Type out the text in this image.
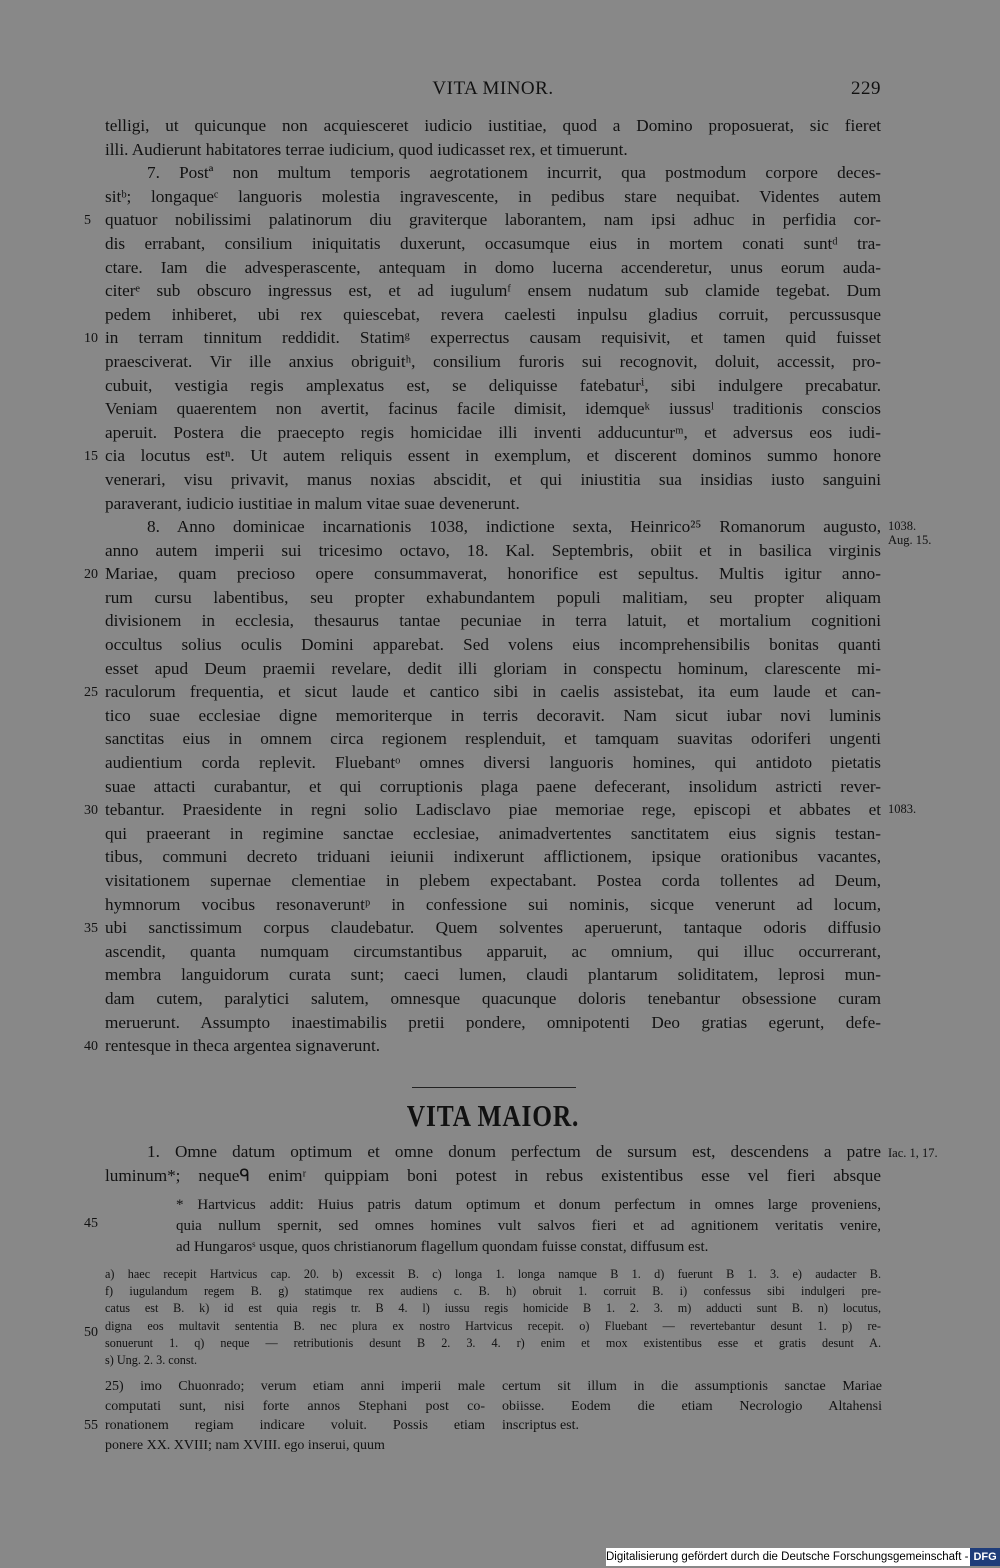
VITA MINOR.	229
telligi, ut quicunque non acquiesceret iudicio iustitiae, quod a Domino proposuerat, sic fieret
illi. Audierunt habitatores terrae iudicium, quod iudicasset rex, et timuerunt.
7. Postª non multum temporis aegrotationem incurrit, qua postmodum corpore deces-
sitᵇ; longaqueᶜ languoris molestia ingravescente, in pedibus stare nequibat. Videntes autem
quatuor nobilissimi palatinorum diu graviterque laborantem, nam ipsi adhuc in perfidia cor-
dis errabant, consilium iniquitatis duxerunt, occasumque eius in mortem conati suntᵈ tra-
ctare. Iam die advesperascente, antequam in domo lucerna accenderetur, unus eorum auda-
citerᵉ sub obscuro ingressus est, et ad iugulumᶠ ensem nudatum sub clamide tegebat. Dum
pedem inhiberet, ubi rex quiescebat, revera caelesti inpulsu gladius corruit, percussusque
in terram tinnitum reddidit. Statimᵍ experrectus causam requisivit, et tamen quid fuisset
praesciverat. Vir ille anxius obriguitʰ, consilium furoris sui recognovit, doluit, accessit, pro-
cubuit, vestigia regis amplexatus est, se deliquisse fatebaturⁱ, sibi indulgere precabatur.
Veniam quaerentem non avertit, facinus facile dimisit, idemqueᵏ iussusˡ traditionis conscios
aperuit. Postera die praecepto regis homicidae illi inventi adducunturᵐ, et adversus eos iudi-
cia locutus estⁿ. Ut autem reliquis essent in exemplum, et discerent dominos summo honore
venerari, visu privavit, manus noxias abscidit, et qui iniustitia sua insidias iusto sanguini
paraverant, iudicio iustitiae in malum vitae suae devenerunt.
8. Anno dominicae incarnationis 1038, indictione sexta, Heinrico²⁵ Romanorum augusto,
anno autem imperii sui tricesimo octavo, 18. Kal. Septembris, obiit et in basilica virginis
Mariae, quam precioso opere consummaverat, honorifice est sepultus. Multis igitur anno-
rum cursu labentibus, seu propter exhabundantem populi malitiam, seu propter aliquam
divisionem in ecclesia, thesaurus tantae pecuniae in terra latuit, et mortalium cognitioni
occultus solius oculis Domini apparebat. Sed volens eius incomprehensibilis bonitas quanti
esset apud Deum praemii revelare, dedit illi gloriam in conspectu hominum, clarescente mi-
raculorum frequentia, et sicut laude et cantico sibi in caelis assistebat, ita eum laude et can-
tico suae ecclesiae digne memoriterque in terris decoravit. Nam sicut iubar novi luminis
sanctitas eius in omnem circa regionem resplenduit, et tamquam suavitas odoriferi ungenti
audientium corda replevit. Fluebantᵒ omnes diversi languoris homines, qui antidoto pietatis
suae attacti curabantur, et qui corruptionis plaga paene defecerant, insolidum astricti rever-
tebantur. Praesidente in regni solio Ladisclavo piae memoriae rege, episcopi et abbates et
qui praeerant in regimine sanctae ecclesiae, animadvertentes sanctitatem eius signis testan-
tibus, communi decreto triduani ieiunii indixerunt afflictionem, ipsique orationibus vacantes,
visitationem supernae clementiae in plebem expectabant. Postea corda tollentes ad Deum,
hymnorum vocibus resonaveruntᵖ in confessione sui nominis, sicque venerunt ad locum,
ubi sanctissimum corpus claudebatur. Quem solventes aperuerunt, tantaque odoris diffusio
ascendit, quanta numquam circumstantibus apparuit, ac omnium, qui illuc occurrerant,
membra languidorum curata sunt; caeci lumen, claudi plantarum soliditatem, leprosi mun-
dam cutem, paralytici salutem, omnesque quacunque doloris tenebantur obsessione curam
meruerunt. Assumpto inaestimabilis pretii pondere, omnipotenti Deo gratias egerunt, defe-
rentesque in theca argentea signaverunt.
5
10
15
20
25
30
35
40
1038.
Aug. 15.
1083.
VITA MAIOR.
1. Omne datum optimum et omne donum perfectum de sursum est, descendens a patre
luminum*; nequeᑫ enimʳ quippiam boni potest in rebus existentibus esse vel fieri absque
Iac. 1, 17.
* Hartvicus addit: Huius patris datum optimum et donum perfectum in omnes large proveniens,
quia nullum spernit, sed omnes homines vult salvos fieri et ad agnitionem veritatis venire,
ad Hungarosˢ usque, quos christianorum flagellum quondam fuisse constat, diffusum est.
45
a) haec recepit Hartvicus cap. 20. b) excessit B. c) longa 1. longa namque B 1. d) fuerunt B 1. 3. e) audacter B.
f) iugulandum regem B. g) statimque rex audiens c. B. h) obruit 1. corruit B. i) confessus sibi indulgeri pre-
catus est B. k) id est quia regis tr. B 4. l) iussu regis homicide B 1. 2. 3. m) adducti sunt B. n) locutus,
digna eos multavit sententia B. nec plura ex nostro Hartvicus recepit. o) Fluebant — revertebantur desunt 1. p) re-
sonuerunt 1. q) neque — retributionis desunt B 2. 3. 4. r) enim et mox existentibus esse et gratis desunt A.
s) Ung. 2. 3. const.
50
25) imo Chuonrado; verum etiam anni imperii male
computati sunt, nisi forte annos Stephani post co-
ronationem regiam indicare voluit. Possis etiam
ponere XX. XVIII; nam XVIII. ego inserui, quum
certum sit illum in die assumptionis sanctae Mariae
obiisse. Eodem die etiam Necrologio Altahensi
inscriptus est.
55
Digitalisierung gefördert durch die Deutsche Forschungsgemeinschaft - DFG
